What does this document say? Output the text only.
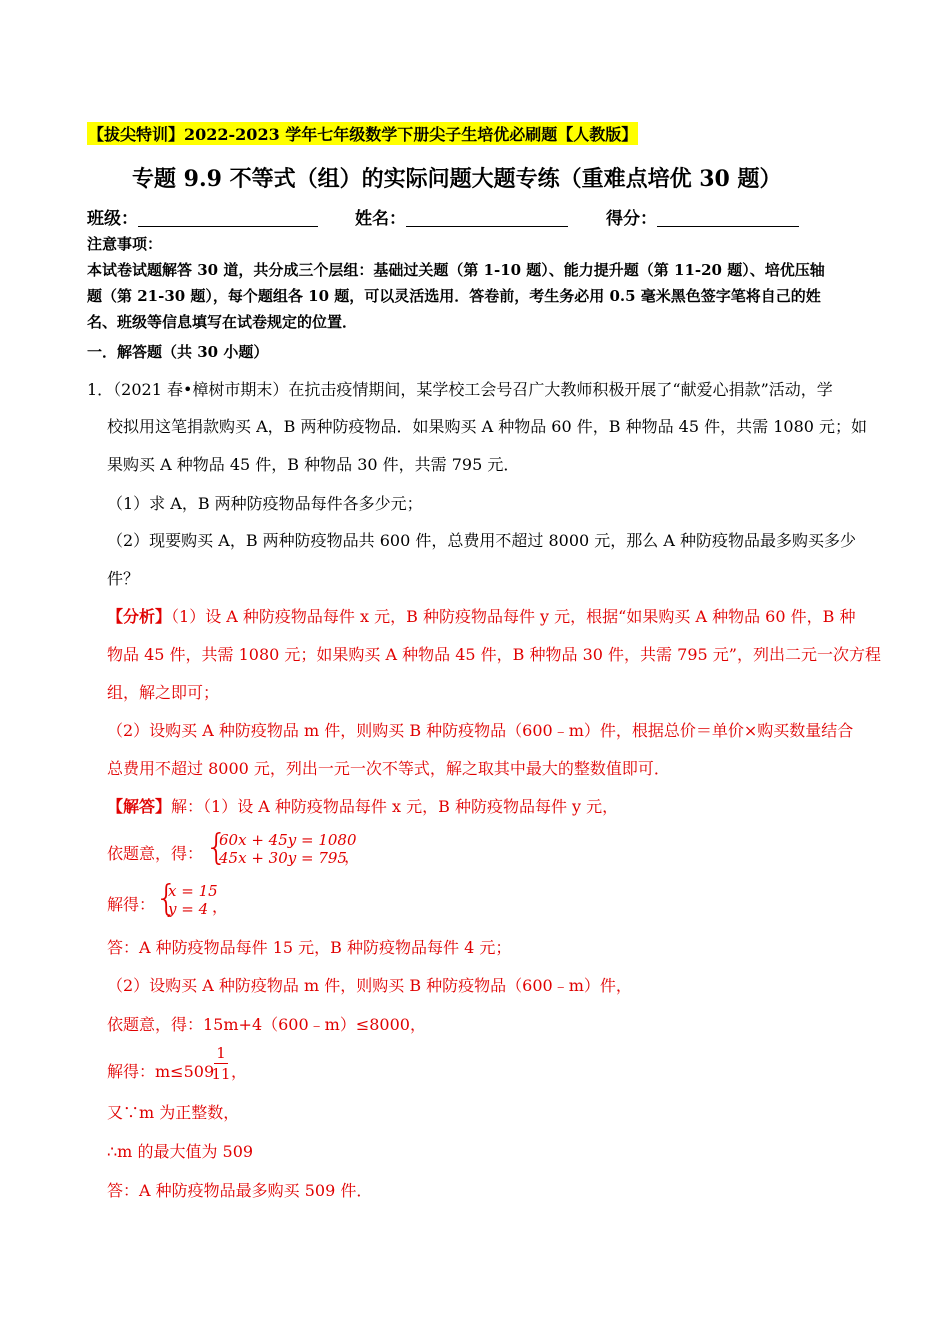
【拔尖特训】2022-2023 学年七年级数学下册尖子生培优必刷题【人教版】
专题 9.9 不等式（组）的实际问题大题专练（重难点培优 30 题）
班级：	姓名：	得分：
注意事项：
本试卷试题解答 30 道，共分成三个层组：基础过关题（第 1-10 题）、能力提升题（第 11-20 题）、培优压轴
题（第 21-30 题），每个题组各 10 题，可以灵活选用．答卷前，考生务必用 0.5 毫米黑色签字笔将自己的姓
名、班级等信息填写在试卷规定的位置．
一．解答题（共 30 小题）
1．（2021 春•樟树市期末）在抗击疫情期间，某学校工会号召广大教师积极开展了“献爱心捐款”活动，学
校拟用这笔捐款购买 A，B 两种防疫物品．如果购买 A 种物品 60 件，B 种物品 45 件，共需 1080 元；如
果购买 A 种物品 45 件，B 种物品 30 件，共需 795 元．
（1）求 A，B 两种防疫物品每件各多少元；
（2）现要购买 A，B 两种防疫物品共 600 件，总费用不超过 8000 元，那么 A 种防疫物品最多购买多少
件？
【分析】（1）设 A 种防疫物品每件 x 元，B 种防疫物品每件 y 元，根据“如果购买 A 种物品 60 件，B 种
物品 45 件，共需 1080 元；如果购买 A 种物品 45 件，B 种物品 30 件，共需 795 元”，列出二元一次方程
组，解之即可；
（2）设购买 A 种防疫物品 m 件，则购买 B 种防疫物品（600﹣m）件，根据总价＝单价×购买数量结合
总费用不超过 8000 元，列出一元一次不等式，解之取其中最大的整数值即可．
【解答】解：（1）设 A 种防疫物品每件 x 元，B 种防疫物品每件 y 元，
依题意，得： {
60x + 45y = 1080
45x + 30y = 795
，
解得： {
x = 15
y = 4 ，
答：A 种防疫物品每件 15 元，B 种防疫物品每件 4 元；
（2）设购买 A 种防疫物品 m 件，则购买 B 种防疫物品（600﹣m）件，
依题意，得：15m+4（600﹣m）≤8000，
解得：m≤509
1
11 ，
又∵m 为正整数，
∴m 的最大值为 509
答：A 种防疫物品最多购买 509 件．
